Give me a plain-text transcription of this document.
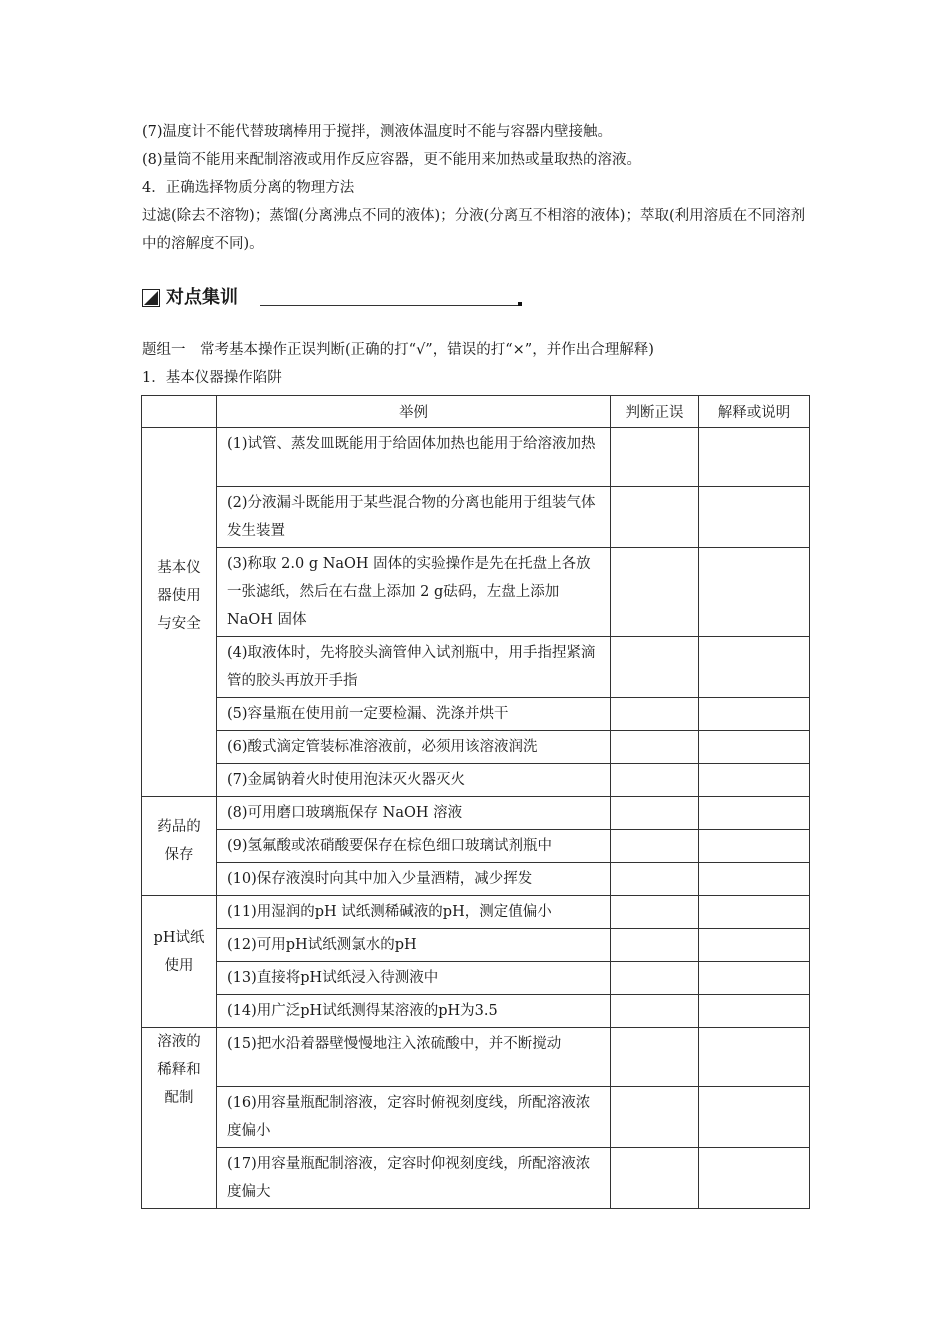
(7)温度计不能代替玻璃棒用于搅拌，测液体温度时不能与容器内壁接触。
(8)量筒不能用来配制溶液或用作反应容器，更不能用来加热或量取热的溶液。
4．正确选择物质分离的物理方法
过滤(除去不溶物)；蒸馏(分离沸点不同的液体)；分液(分离互不相溶的液体)；萃取(利用溶质在不同溶剂中的溶解度不同)。
对点集训
题组一　常考基本操作正误判断(正确的打“√”，错误的打“×”，并作出合理解释)
1．基本仪器操作陷阱
	举例	判断正误	解释或说明

基本仪器使用与安全	(1)试管、蒸发皿既能用于给固体加热也能用于给溶液加热		
	(2)分液漏斗既能用于某些混合物的分离也能用于组装气体发生装置		
	(3)称取 2.0 g NaOH 固体的实验操作是先在托盘上各放一张滤纸，然后在右盘上添加 2 g砝码，左盘上添加 NaOH 固体		
	(4)取液体时，先将胶头滴管伸入试剂瓶中，用手指捏紧滴管的胶头再放开手指		
	(5)容量瓶在使用前一定要检漏、洗涤并烘干		
	(6)酸式滴定管装标准溶液前，必须用该溶液润洗		
	(7)金属钠着火时使用泡沫灭火器灭火		

药品的保存	(8)可用磨口玻璃瓶保存 NaOH 溶液		
	(9)氢氟酸或浓硝酸要保存在棕色细口玻璃试剂瓶中		
	(10)保存液溴时向其中加入少量酒精，减少挥发		

pH试纸使用	(11)用湿润的pH 试纸测稀碱液的pH，测定值偏小		
	(12)可用pH试纸测氯水的pH		
	(13)直接将pH试纸浸入待测液中		
	(14)用广泛pH试纸测得某溶液的pH为3.5		

溶液的稀释和配制	(15)把水沿着器壁慢慢地注入浓硫酸中，并不断搅动		
	(16)用容量瓶配制溶液，定容时俯视刻度线，所配溶液浓度偏小		
	(17)用容量瓶配制溶液，定容时仰视刻度线，所配溶液浓度偏大		
